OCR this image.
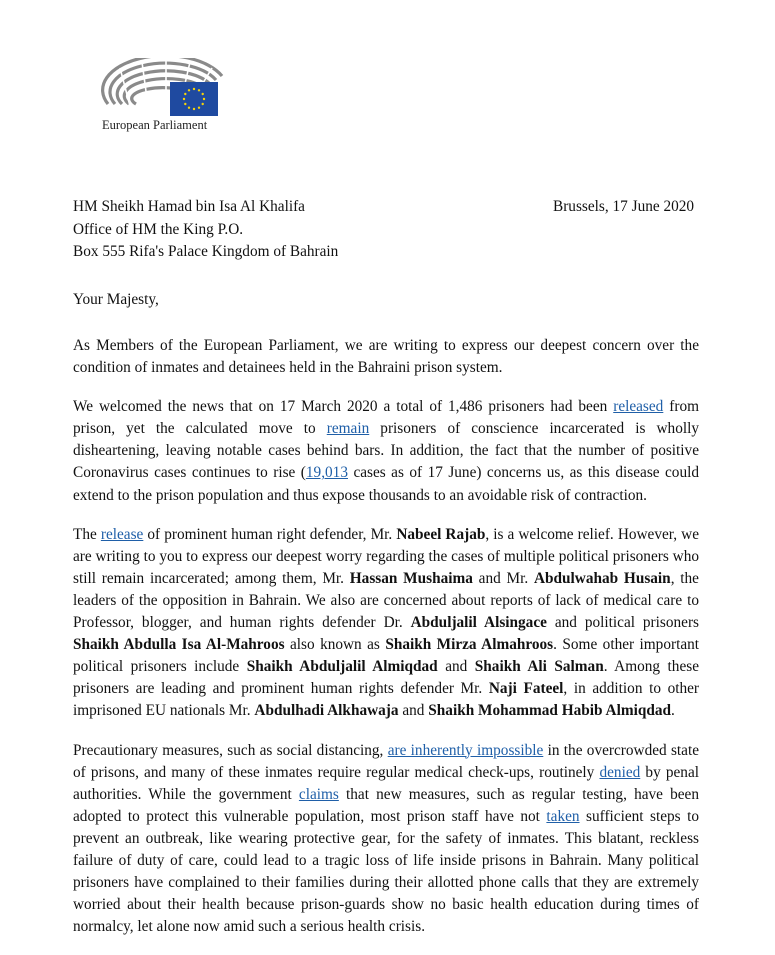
European Parliament
HM Sheikh Hamad bin Isa Al Khalifa
Office of HM the King P.O.
Box 555 Rifa's Palace Kingdom of Bahrain
Brussels, 17 June 2020
Your Majesty,

As Members of the European Parliament, we are writing to express our deepest concern over the condition of inmates and detainees held in the Bahraini prison system.

We welcomed the news that on 17 March 2020 a total of 1,486 prisoners had been released from prison, yet the calculated move to remain prisoners of conscience incarcerated is wholly disheartening, leaving notable cases behind bars. In addition, the fact that the number of positive Coronavirus cases continues to rise (19,013 cases as of 17 June) concerns us, as this disease could extend to the prison population and thus expose thousands to an avoidable risk of contraction.

The release of prominent human right defender, Mr. Nabeel Rajab, is a welcome relief. However, we are writing to you to express our deepest worry regarding the cases of multiple political prisoners who still remain incarcerated; among them, Mr. Hassan Mushaima and Mr. Abdulwahab Husain, the leaders of the opposition in Bahrain. We also are concerned about reports of lack of medical care to Professor, blogger, and human rights defender Dr. Abduljalil Alsingace and political prisoners Shaikh Abdulla Isa Al-Mahroos also known as Shaikh Mirza Almahroos. Some other important political prisoners include Shaikh Abduljalil Almiqdad and Shaikh Ali Salman. Among these prisoners are leading and prominent human rights defender Mr. Naji Fateel, in addition to other imprisoned EU nationals Mr. Abdulhadi Alkhawaja and Shaikh Mohammad Habib Almiqdad.

Precautionary measures, such as social distancing, are inherently impossible in the overcrowded state of prisons, and many of these inmates require regular medical check-ups, routinely denied by penal authorities. While the government claims that new measures, such as regular testing, have been adopted to protect this vulnerable population, most prison staff have not taken sufficient steps to prevent an outbreak, like wearing protective gear, for the safety of inmates. This blatant, reckless failure of duty of care, could lead to a tragic loss of life inside prisons in Bahrain. Many political prisoners have complained to their families during their allotted phone calls that they are extremely worried about their health because prison-guards show no basic health education during times of normalcy, let alone now amid such a serious health crisis.
